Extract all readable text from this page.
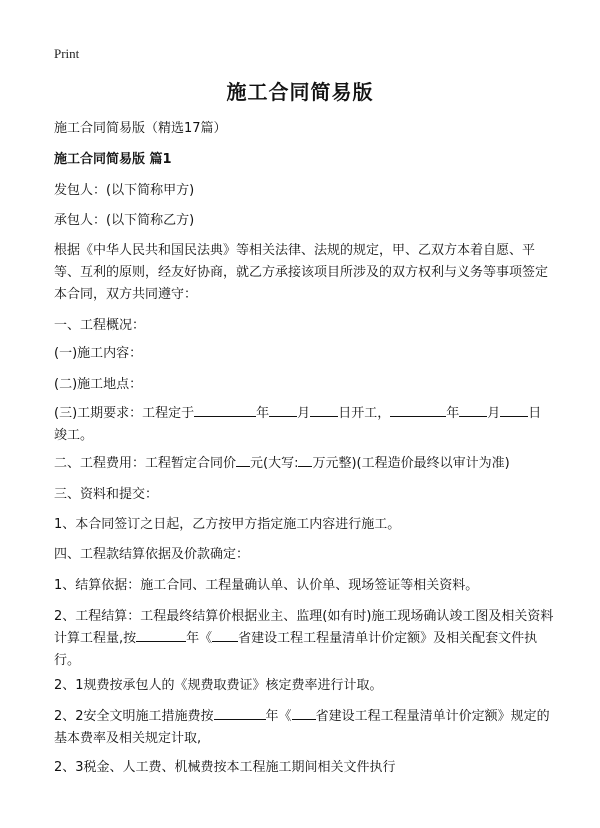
Print
施工合同简易版
施工合同简易版（精选17篇）
施工合同简易版 篇1
发包人：(以下简称甲方)
承包人：(以下简称乙方)
根据《中华人民共和国民法典》等相关法律、法规的规定，甲、乙双方本着自愿、平等、互利的原则，经友好协商，就乙方承接该项目所涉及的双方权利与义务等事项签定本合同，双方共同遵守：
一、工程概况：
(一)施工内容：
(二)施工地点：
(三)工期要求：工程定于	年 月 日开工，	年 月 日竣工。
二、工程费用：工程暂定合同价 元(大写: 万元整)(工程造价最终以审计为准)
三、资料和提交：
1、本合同签订之日起，乙方按甲方指定施工内容进行施工。
四、工程款结算依据及价款确定：
1、结算依据：施工合同、工程量确认单、认价单、现场签证等相关资料。
2、工程结算：工程最终结算价根据业主、监理(如有时)施工现场确认竣工图及相关资料计算工程量,按	年《 省建设工程工程量清单计价定额》及相关配套文件执行。
2、1规费按承包人的《规费取费证》核定费率进行计取。
2、2安全文明施工措施费按	年《 省建设工程工程量清单计价定额》规定的基本费率及相关规定计取,
2、3税金、人工费、机械费按本工程施工期间相关文件执行
